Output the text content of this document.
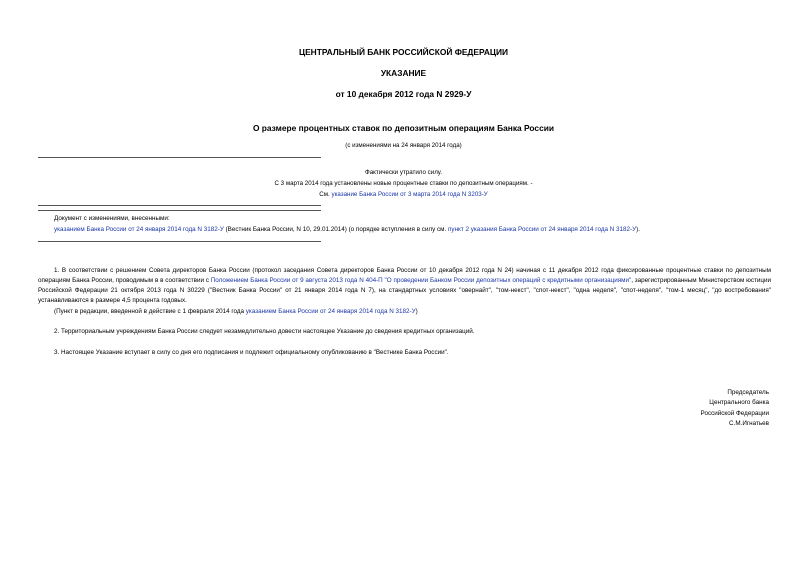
ЦЕНТРАЛЬНЫЙ БАНК РОССИЙСКОЙ ФЕДЕРАЦИИ
УКАЗАНИЕ
от 10 декабря 2012 года N 2929-У
О размере процентных ставок по депозитным операциям Банка России
(с изменениями на 24 января 2014 года)
Фактически утратило силу.
С 3 марта 2014 года установлены новые процентные ставки по депозитным операциям. -
См. указание Банка России от 3 марта 2014 года N 3203-У
Документ с изменениями, внесенными:
указанием Банка России от 24 января 2014 года N 3182-У (Вестник Банка России, N 10, 29.01.2014) (о порядке вступления в силу см. пункт 2 указания Банка России от 24 января 2014 года N 3182-У).
1. В соответствии с решением Совета директоров Банка России (протокол заседания Совета директоров Банка России от 10 декабря 2012 года N 24) начиная с 11 декабря 2012 года фиксированные процентные ставки по депозитным операциям Банка России, проводимым в в соответствии с Положением Банка России от 9 августа 2013 года N 404-П "О проведении Банком России депозитных операций с кредитными организациями", зарегистрированным Министерством юстиции Российской Федерации 21 октября 2013 года N 30229 ("Вестник Банка России" от 21 января 2014 года N 7), на стандартных условиях "овернайт", "том-некст", "спот-некст", "одна неделя", "спот-неделя", "том-1 месяц", "до востребования" устанавливаются в размере 4,5 процента годовых.
(Пункт в редакции, введенной в действие с 1 февраля 2014 года указанием Банка России от 24 января 2014 года N 3182-У)
2. Территориальным учреждениям Банка России следует незамедлительно довести настоящее Указание до сведения кредитных организаций.
3. Настоящее Указание вступает в силу со дня его подписания и подлежит официальному опубликованию в "Вестнике Банка России".
Председатель
Центрального банка
Российской Федерации
С.М.Игнатьев
